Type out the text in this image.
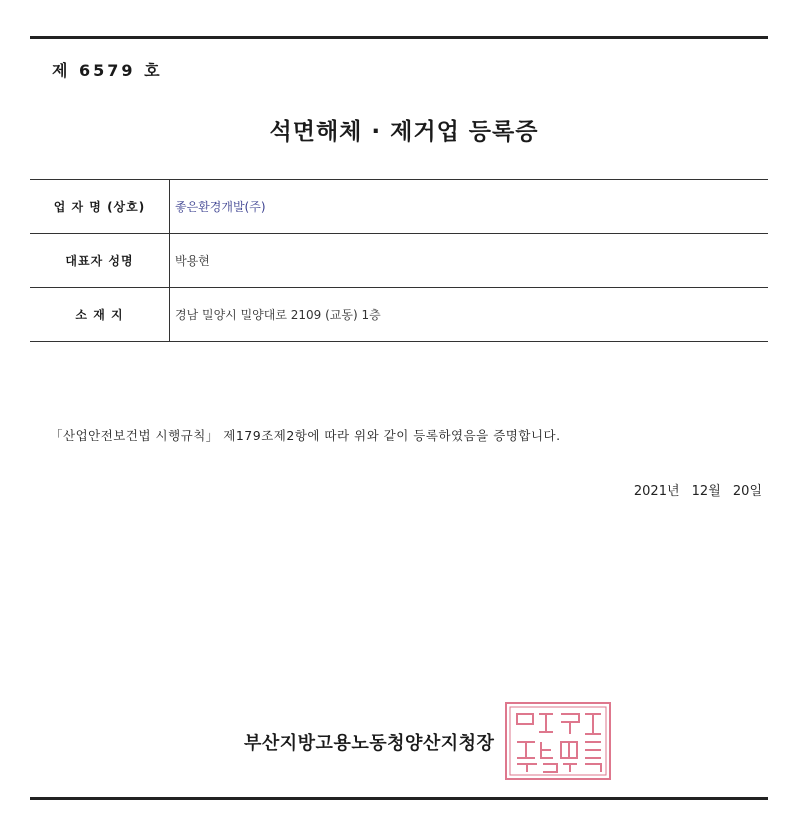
제 6579 호
석면해체 · 제거업 등록증
업 자 명 (상호)	좋은환경개발(주)
대표자 성명	박용현
소 재 지	경남 밀양시 밀양대로 2109 (교동) 1층
「산업안전보건법 시행규칙」 제179조제2항에 따라 위와 같이 등록하였음을 증명합니다.
2021년 12월 20일
부산지방고용노동청양산지청장
